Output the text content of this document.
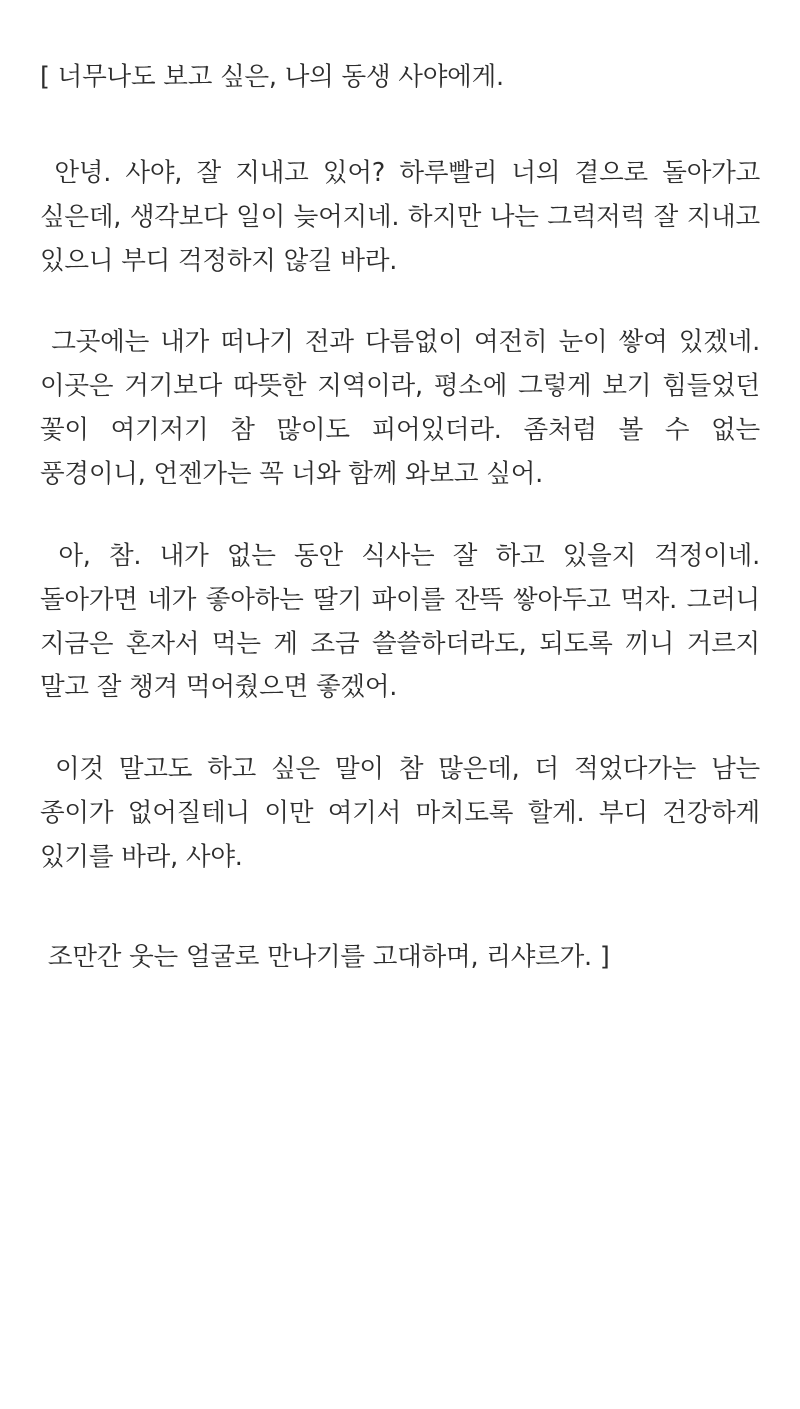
[ 너무나도 보고 싶은, 나의 동생 사야에게.

안녕. 사야, 잘 지내고 있어? 하루빨리 너의 곁으로 돌아가고 싶은데, 생각보다 일이 늦어지네. 하지만 나는 그럭저럭 잘 지내고 있으니 부디 걱정하지 않길 바라.

그곳에는 내가 떠나기 전과 다름없이 여전히 눈이 쌓여 있겠네. 이곳은 거기보다 따뜻한 지역이라, 평소에 그렇게 보기 힘들었던 꽃이 여기저기 참 많이도 피어있더라. 좀처럼 볼 수 없는 풍경이니, 언젠가는 꼭 너와 함께 와보고 싶어.

아, 참. 내가 없는 동안 식사는 잘 하고 있을지 걱정이네. 돌아가면 네가 좋아하는 딸기 파이를 잔뜩 쌓아두고 먹자. 그러니 지금은 혼자서 먹는 게 조금 쓸쓸하더라도, 되도록 끼니 거르지 말고 잘 챙겨 먹어줬으면 좋겠어.

이것 말고도 하고 싶은 말이 참 많은데, 더 적었다가는 남는 종이가 없어질테니 이만 여기서 마치도록 할게. 부디 건강하게 있기를 바라, 사야.

조만간 웃는 얼굴로 만나기를 고대하며, 리샤르가. ]
